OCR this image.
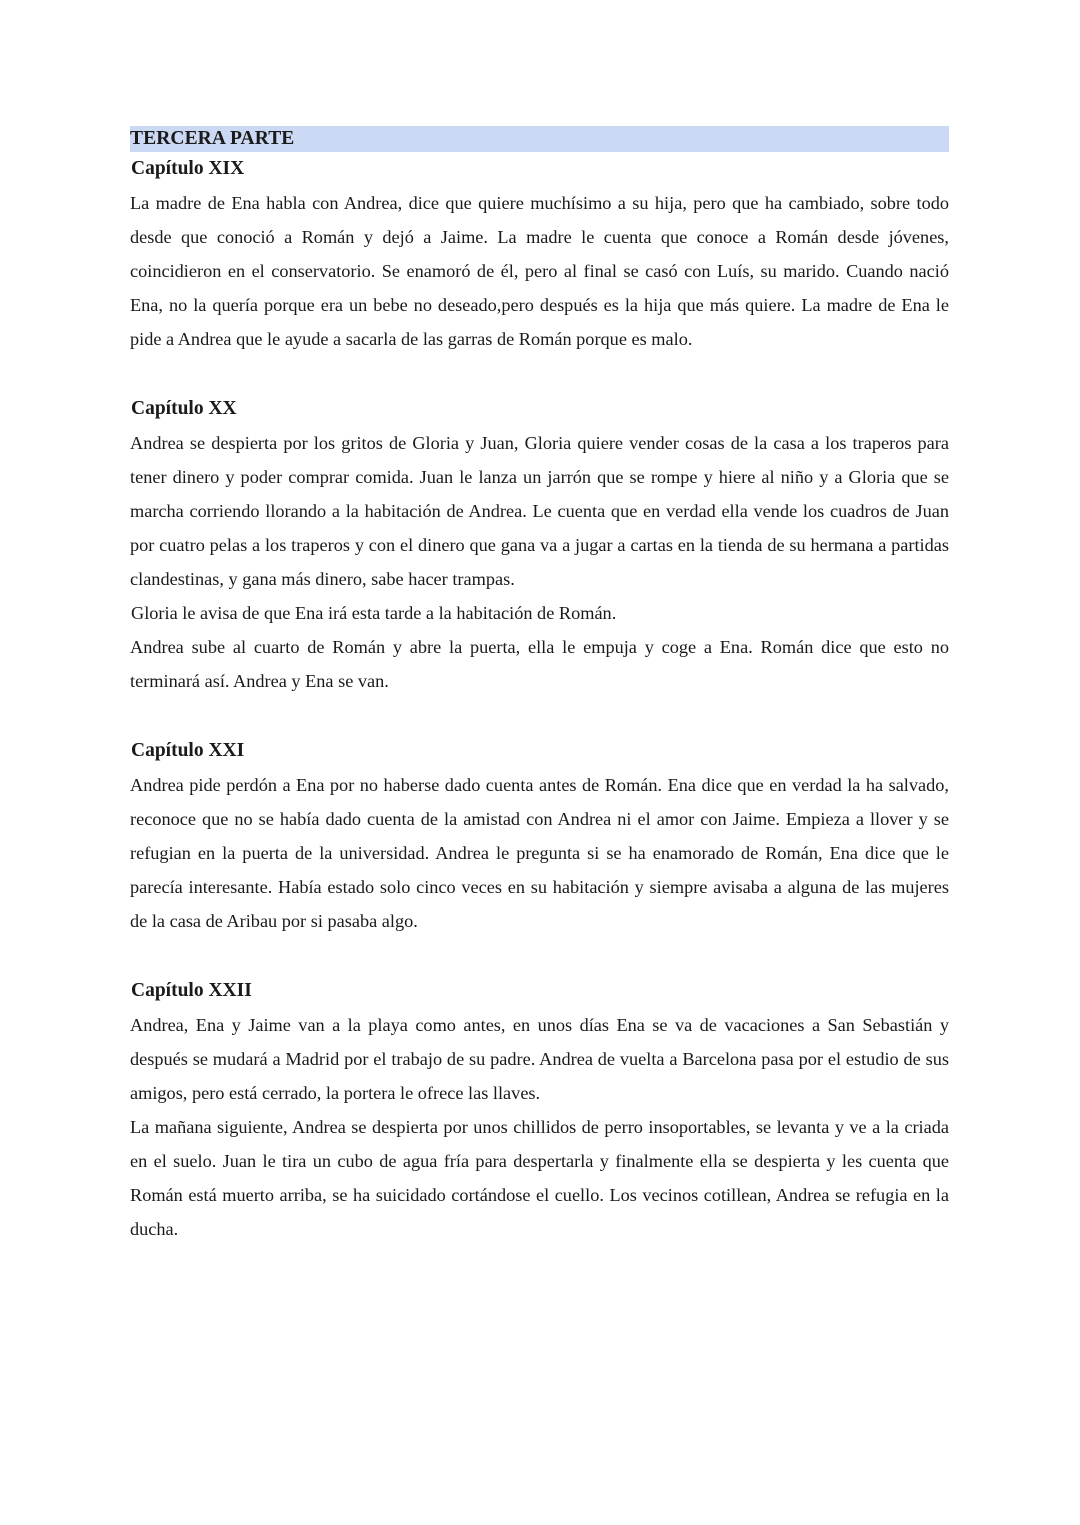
TERCERA PARTE
Capítulo XIX

La madre de Ena habla con Andrea, dice que quiere muchísimo a su hija, pero que ha cambiado, sobre todo desde que conoció a Román y dejó a Jaime. La madre le cuenta que conoce a Román desde jóvenes, coincidieron en el conservatorio. Se enamoró de él, pero al final se casó con Luís, su marido. Cuando nació Ena, no la quería porque era un bebe no deseado,pero después es la hija que más quiere. La madre de Ena le pide a Andrea que le ayude a sacarla de las garras de Román porque es malo.

Capítulo XX

Andrea se despierta por los gritos de Gloria y Juan, Gloria quiere vender cosas de la casa a los traperos para tener dinero y poder comprar comida. Juan le lanza un jarrón que se rompe y hiere al niño y a Gloria que se marcha corriendo llorando a la habitación de Andrea. Le cuenta que en verdad ella vende los cuadros de Juan por cuatro pelas a los traperos y con el dinero que gana va a jugar a cartas en la tienda de su hermana a partidas clandestinas, y gana más dinero, sabe hacer trampas.

Gloria le avisa de que Ena irá esta tarde a la habitación de Román.

Andrea sube al cuarto de Román y abre la puerta, ella le empuja y coge a Ena. Román dice que esto no terminará así. Andrea y Ena se van.

Capítulo XXI

Andrea pide perdón a Ena por no haberse dado cuenta antes de Román. Ena dice que en verdad la ha salvado, reconoce que no se había dado cuenta de la amistad con Andrea ni el amor con Jaime. Empieza a llover y se refugian en la puerta de la universidad. Andrea le pregunta si se ha enamorado de Román, Ena dice que le parecía interesante. Había estado solo cinco veces en su habitación y siempre avisaba a alguna de las mujeres de la casa de Aribau por si pasaba algo.

Capítulo XXII

Andrea, Ena y Jaime van a la playa como antes, en unos días Ena se va de vacaciones a San Sebastián y después se mudará a Madrid por el trabajo de su padre. Andrea de vuelta a Barcelona pasa por el estudio de sus amigos, pero está cerrado, la portera le ofrece las llaves.

La mañana siguiente, Andrea se despierta por unos chillidos de perro insoportables, se levanta y ve a la criada en el suelo. Juan le tira un cubo de agua fría para despertarla y finalmente ella se despierta y les cuenta que Román está muerto arriba, se ha suicidado cortándose el cuello. Los vecinos cotillean, Andrea se refugia en la ducha.
